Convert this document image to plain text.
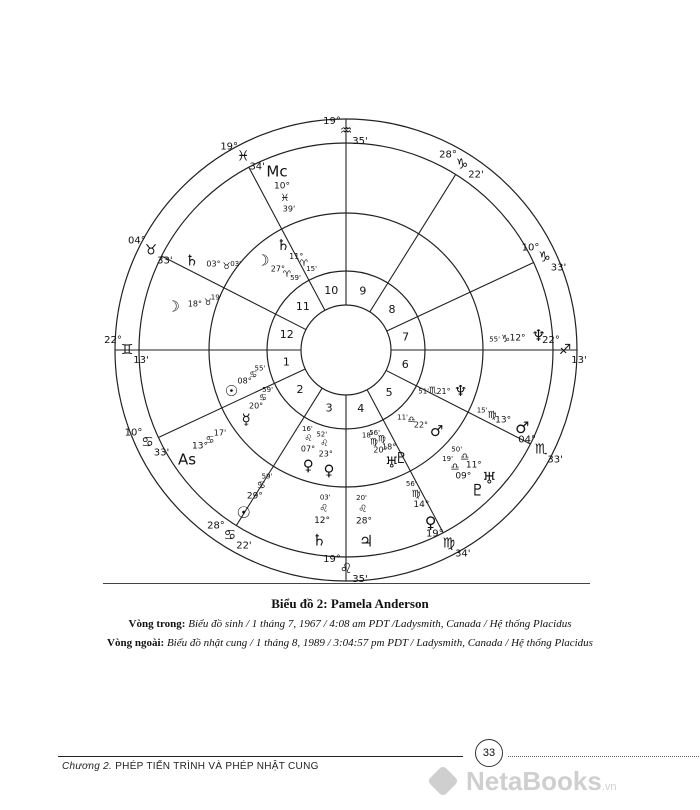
1
2
3 4
5
6
7
8
9
10
11
12
22°
♊
13'
10°
♋
33'
28°
♋
22'
19°
♌
35'
19°
♍
34'
04°
♏
33'
22°
♐
13'
10°
♑
33'
28°
♑
22'
19°
♒
35'
19°
♓
34'
04°
♉
33'
Mc
10°
♓
39'
As
13°
♋
17'
☽ 18° ♉
19'
♄ 03° ♉ 03'
♄
11°
♈
15'
☽ 27°
♈ 59'
☉
08°
♋
55'
☿
20°
♋
59'
♀
07°
♌
16'
♀
23°
♌
52'
♅
20°
♍
18'
♇
18°
♍
56'	♂
22°
♎
11'
♆
21°
♏
51'
♆
12°
♑
55'
♂
13°
♍
15'
♅
11°
♎
50'
♇
09°
♎
19'
♀
14°
♍
56'
♃
28°
♌
20'
♄
12°
♌
03'
☉
29°
♋
59'
Biểu đồ 2: Pamela Anderson
Vòng trong: Biểu đồ sinh / 1 tháng 7, 1967 / 4:08 am PDT /Ladysmith, Canada / Hệ thống Placidus
Vòng ngoài: Biểu đồ nhật cung / 1 tháng 8, 1989 / 3:04:57 pm PDT / Ladysmith, Canada / Hệ thống Placidus
Chương 2. PHÉP TIẾN TRÌNH VÀ PHÉP NHẬT CUNG
33
NetaBooks.vn
